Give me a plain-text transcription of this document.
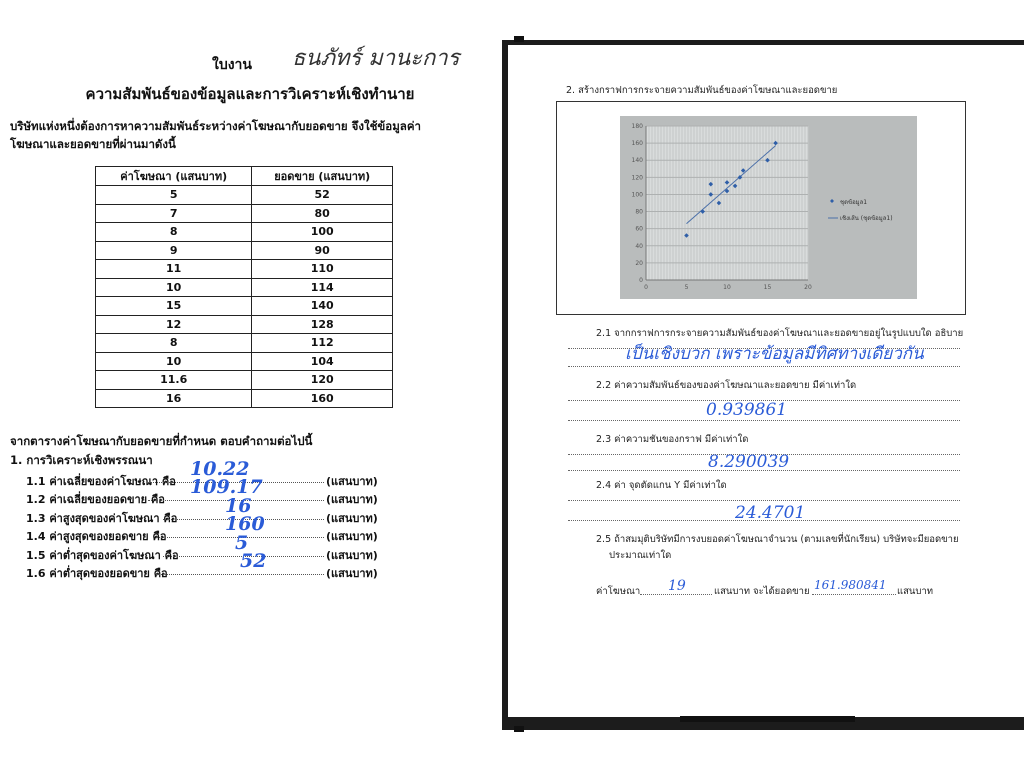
ใบงาน ธนภัทร์ มานะการ
ความสัมพันธ์ของข้อมูลและการวิเคราะห์เชิงทำนาย
บริษัทแห่งหนึ่งต้องการหาความสัมพันธ์ระหว่างค่าโฆษณากับยอดขาย จึงใช้ข้อมูลค่าโฆษณาและยอดขายที่ผ่านมาดังนี้
ค่าโฆษณา (แสนบาท)	ยอดขาย (แสนบาท)
5	52
7	80
8	100
9	90
11	110
10	114
15	140
12	128
8	112
10	104
11.6	120
16	160
จากตารางค่าโฆษณากับยอดขายที่กำหนด ตอบคำถามต่อไปนี้
1. การวิเคราะห์เชิงพรรณนา
1.1 ค่าเฉลี่ยของค่าโฆษณา คือ
10.22
(แสนบาท)
1.2 ค่าเฉลี่ยของยอดขาย คือ
109.17
(แสนบาท)
1.3 ค่าสูงสุดของค่าโฆษณา คือ
16
(แสนบาท)
1.4 ค่าสูงสุดของยอดขาย คือ
160
(แสนบาท)
1.5 ค่าต่ำสุดของค่าโฆษณา คือ
5
(แสนบาท)
1.6 ค่าต่ำสุดของยอดขาย คือ
52
(แสนบาท)
2. สร้างกราฟการกระจายความสัมพันธ์ของค่าโฆษณาและยอดขาย
0
20
40
60
80
100
120
140
160
180
0	5	10	15	20
ชุดข้อมูล1
เชิงเส้น (ชุดข้อมูล1)
2.1 จากกราฟการกระจายความสัมพันธ์ของค่าโฆษณาและยอดขายอยู่ในรูปแบบใด อธิบาย
เป็นเชิงบวก เพราะข้อมูลมีทิศทางเดียวกัน
2.2 ค่าความสัมพันธ์ของของค่าโฆษณาและยอดขาย มีค่าเท่าใด
0.939861
2.3 ค่าความชันของกราฟ มีค่าเท่าใด
8.290039
2.4 ค่า จุดตัดแกน Y มีค่าเท่าใด
24.4701
2.5 ถ้าสมมุติบริษัทมีการงบยอดค่าโฆษณาจำนวน (ตามเลขที่นักเรียน) บริษัทจะมียอดขาย
ประมาณเท่าใด
ค่าโฆษณา 19	แสนบาท จะได้ยอดขาย 161.980841 แสนบาท
